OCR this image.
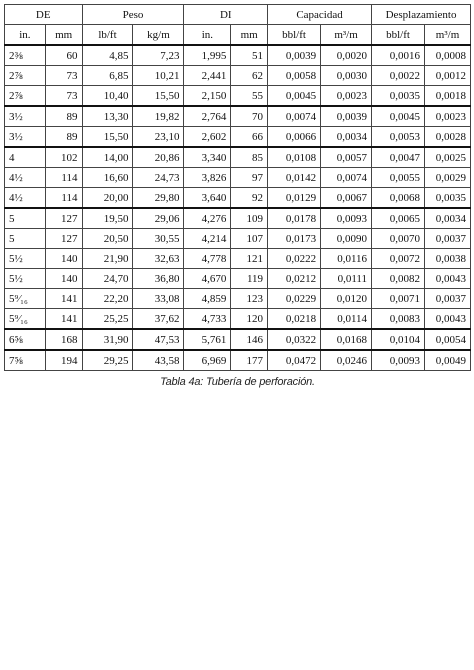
DE		Peso		DI		Capacidad		Desplazamiento	
in.	mm	lb/ft	kg/m	in.	mm	bbl/ft	m³/m	bbl/ft	m³/m
2⅜	60	4,85	7,23	1,995	51	0,0039	0,0020	0,0016	0,0008
2⅞	73	6,85	10,21	2,441	62	0,0058	0,0030	0,0022	0,0012
2⅞	73	10,40	15,50	2,150	55	0,0045	0,0023	0,0035	0,0018
3½	89	13,30	19,82	2,764	70	0,0074	0,0039	0,0045	0,0023
3½	89	15,50	23,10	2,602	66	0,0066	0,0034	0,0053	0,0028
4	102	14,00	20,86	3,340	85	0,0108	0,0057	0,0047	0,0025
4½	114	16,60	24,73	3,826	97	0,0142	0,0074	0,0055	0,0029
4½	114	20,00	29,80	3,640	92	0,0129	0,0067	0,0068	0,0035
5	127	19,50	29,06	4,276	109	0,0178	0,0093	0,0065	0,0034
5	127	20,50	30,55	4,214	107	0,0173	0,0090	0,0070	0,0037
5½	140	21,90	32,63	4,778	121	0,0222	0,0116	0,0072	0,0038
5½	140	24,70	36,80	4,670	119	0,0212	0,0111	0,0082	0,0043
5⁹⁄₁₆	141	22,20	33,08	4,859	123	0,0229	0,0120	0,0071	0,0037
5⁹⁄₁₆	141	25,25	37,62	4,733	120	0,0218	0,0114	0,0083	0,0043
6⅝	168	31,90	47,53	5,761	146	0,0322	0,0168	0,0104	0,0054
7⅝	194	29,25	43,58	6,969	177	0,0472	0,0246	0,0093	0,0049
Tabla 4a: Tubería de perforación.
